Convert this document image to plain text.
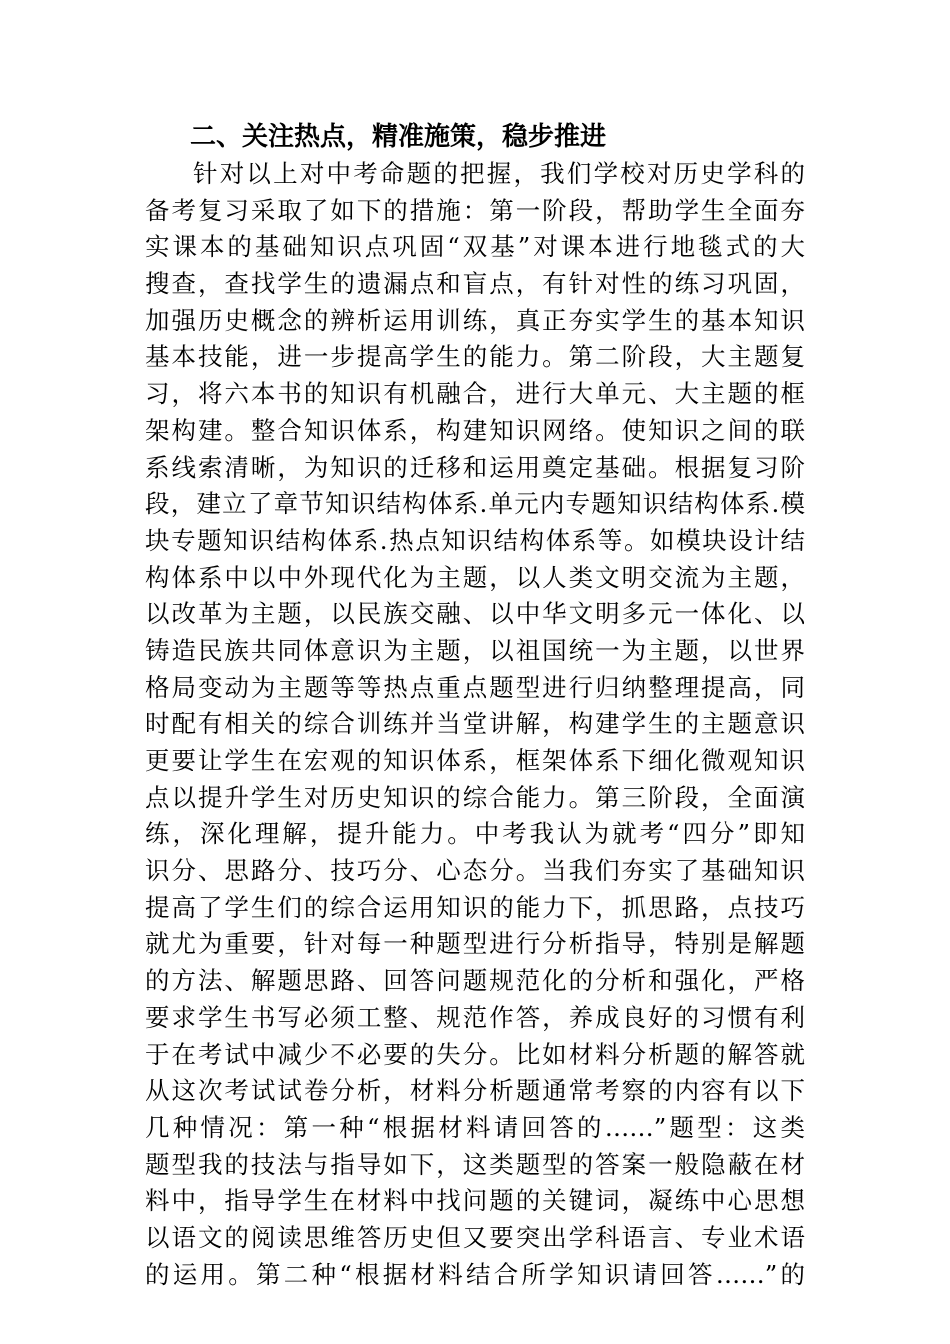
二、关注热点，精准施策，稳步推进
针对以上对中考命题的把握，我们学校对历史学科的
备考复习采取了如下的措施：第一阶段，帮助学生全面夯
实课本的基础知识点巩固“双基”对课本进行地毯式的大
搜查，查找学生的遗漏点和盲点，有针对性的练习巩固，
加强历史概念的辨析运用训练，真正夯实学生的基本知识
基本技能，进一步提高学生的能力。第二阶段，大主题复
习，将六本书的知识有机融合，进行大单元、大主题的框
架构建。整合知识体系，构建知识网络。使知识之间的联
系线索清晰，为知识的迁移和运用奠定基础。根据复习阶
段，建立了章节知识结构体系.单元内专题知识结构体系.模
块专题知识结构体系.热点知识结构体系等。如模块设计结
构体系中以中外现代化为主题，以人类文明交流为主题，
以改革为主题，以民族交融、以中华文明多元一体化、以
铸造民族共同体意识为主题，以祖国统一为主题，以世界
格局变动为主题等等热点重点题型进行归纳整理提高，同
时配有相关的综合训练并当堂讲解，构建学生的主题意识
更要让学生在宏观的知识体系，框架体系下细化微观知识
点以提升学生对历史知识的综合能力。第三阶段，全面演
练，深化理解，提升能力。中考我认为就考“四分”即知
识分、思路分、技巧分、心态分。当我们夯实了基础知识
提高了学生们的综合运用知识的能力下，抓思路，点技巧
就尤为重要，针对每一种题型进行分析指导，特别是解题
的方法、解题思路、回答问题规范化的分析和强化，严格
要求学生书写必须工整、规范作答，养成良好的习惯有利
于在考试中减少不必要的失分。比如材料分析题的解答就
从这次考试试卷分析，材料分析题通常考察的内容有以下
几种情况：第一种“根据材料请回答的……”题型：这类
题型我的技法与指导如下，这类题型的答案一般隐蔽在材
料中，指导学生在材料中找问题的关键词，凝练中心思想
以语文的阅读思维答历史但又要突出学科语言、专业术语
的运用。第二种“根据材料结合所学知识请回答……”的
